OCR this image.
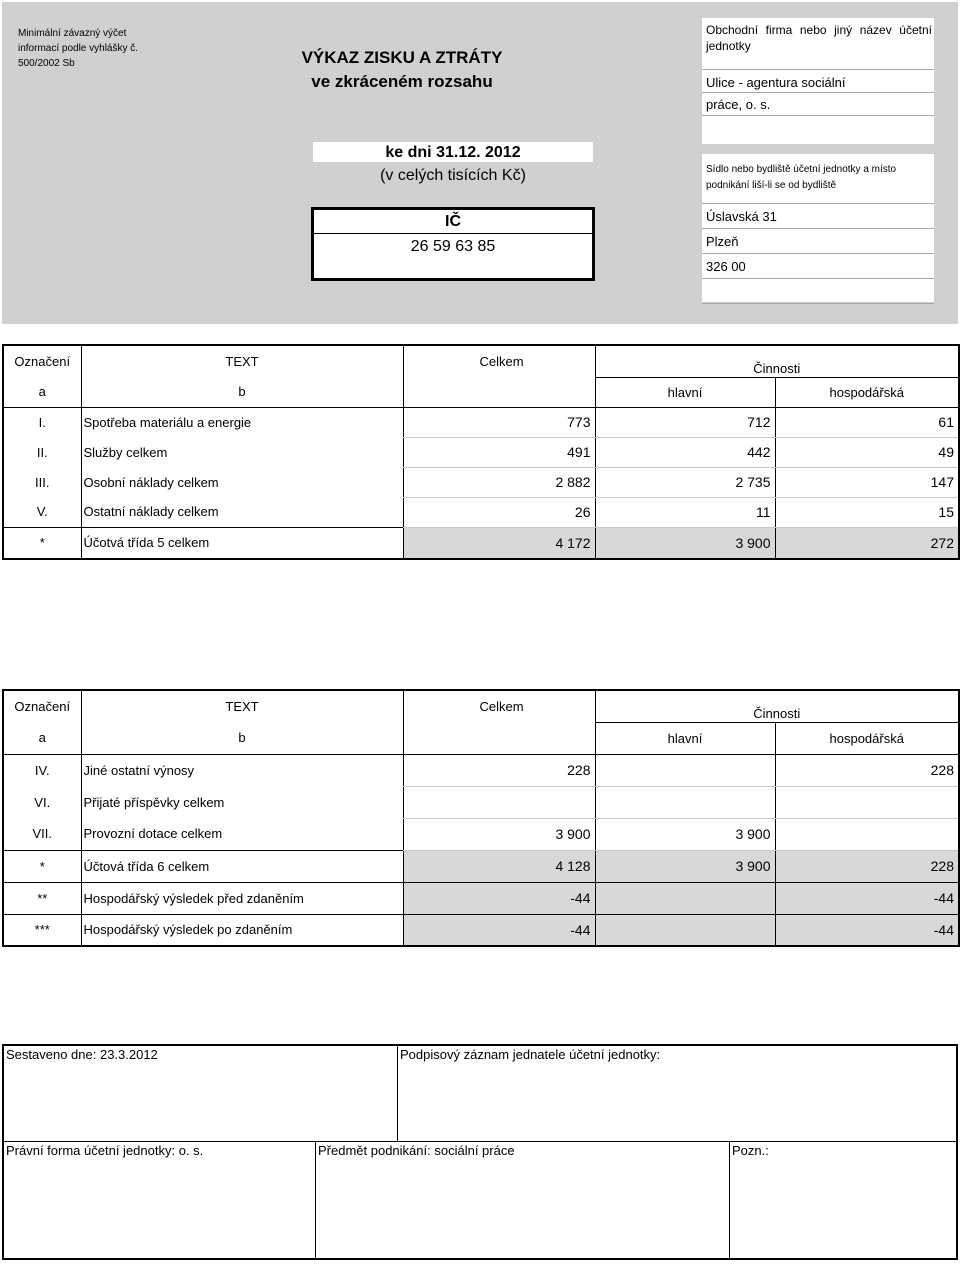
Minimální závazný výčet
informací podle vyhlášky č.
500/2002 Sb	VÝKAZ ZISKU A ZTRÁTY
ve zkráceném rozsahu
ke dni 31.12. 2012
(v celých tisících Kč)
IČ
26 59 63 85
Obchodní firma nebo jiný název účetní jednotky
Ulice - agentura sociální
práce, o. s.
Sídlo nebo bydliště účetní jednotky a místo podnikání liší-li se od bydliště
Úslavská 31
Plzeň
326 00
Označení	TEXT	Celkem	Činnosti	
a	b		hlavní	hospodářská
I.	Spotřeba materiálu a energie	773	712	61
II.	Služby celkem	491	442	49
III.	Osobní náklady celkem	2 882	2 735	147
V.	Ostatní náklady celkem	26	11	15
*	Účotvá třída 5 celkem	4 172	3 900	272
Označení	TEXT	Celkem	Činnosti	
a	b		hlavní	hospodářská
IV.	Jiné ostatní výnosy	228		228
VI.	Přijaté příspěvky celkem			
VII.	Provozní dotace celkem	3 900	3 900	
*	Účtová třída 6 celkem	4 128	3 900	228
**	Hospodářský výsledek před zdaněním	-44		-44
***	Hospodářský výsledek po zdaněním	-44		-44
Sestaveno dne: 23.3.2012	Podpisový záznam jednatele účetní jednotky:
Právní forma účetní jednotky: o. s.	Předmět podnikání: sociální práce	Pozn.:
